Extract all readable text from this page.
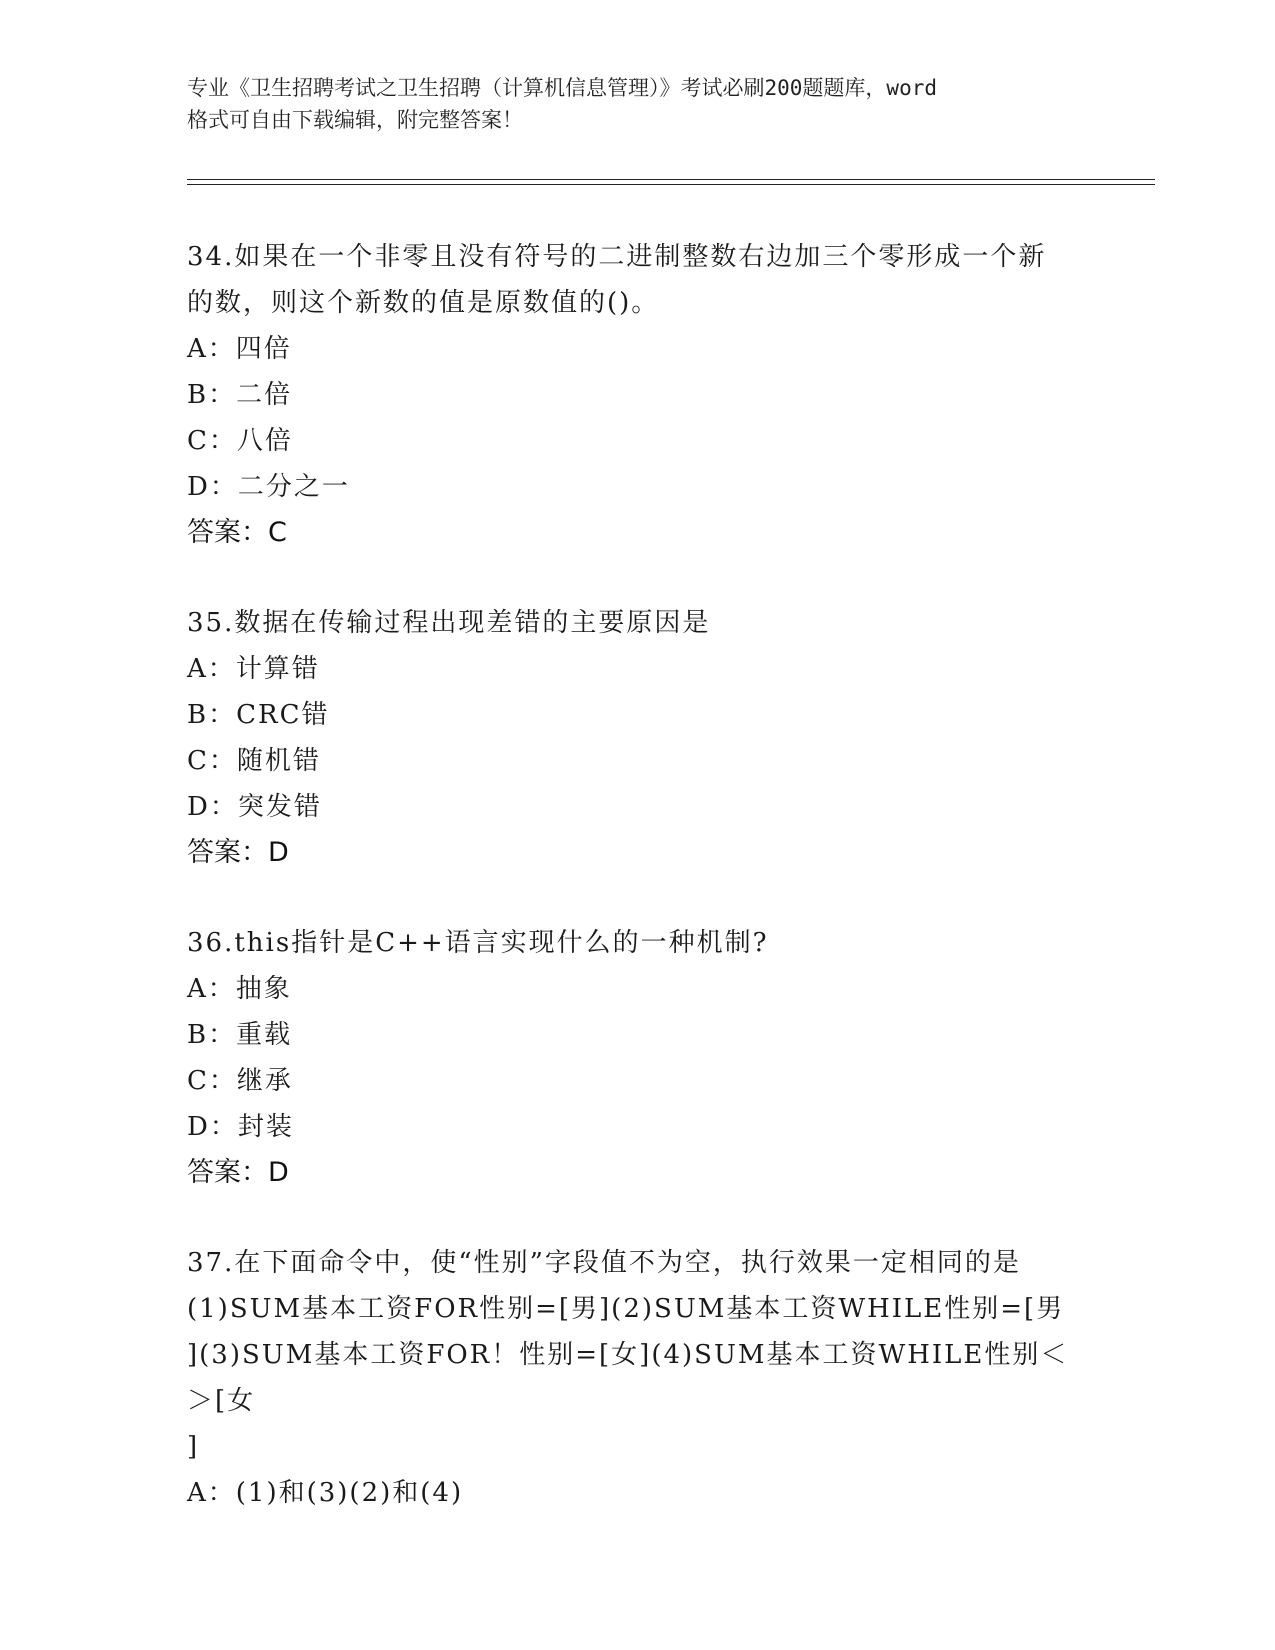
专业《卫生招聘考试之卫生招聘（计算机信息管理）》考试必刷200题题库，word
格式可自由下载编辑，附完整答案！

34.如果在一个非零且没有符号的二进制整数右边加三个零形成一个新

的数，则这个新数的值是原数值的()。

A：四倍

B：二倍

C：八倍

D：二分之一

答案：C

35.数据在传输过程出现差错的主要原因是

A：计算错

B：CRC错

C：随机错

D：突发错

答案：D

36.this指针是C++语言实现什么的一种机制?

A：抽象

B：重载

C：继承

D：封装

答案：D

37.在下面命令中，使“性别”字段值不为空，执行效果一定相同的是

(1)SUM基本工资FOR性别=[男](2)SUM基本工资WHILE性别=[男

](3)SUM基本工资FOR！性别=[女](4)SUM基本工资WHILE性别＜＞[女

]

A：(1)和(3)(2)和(4)
